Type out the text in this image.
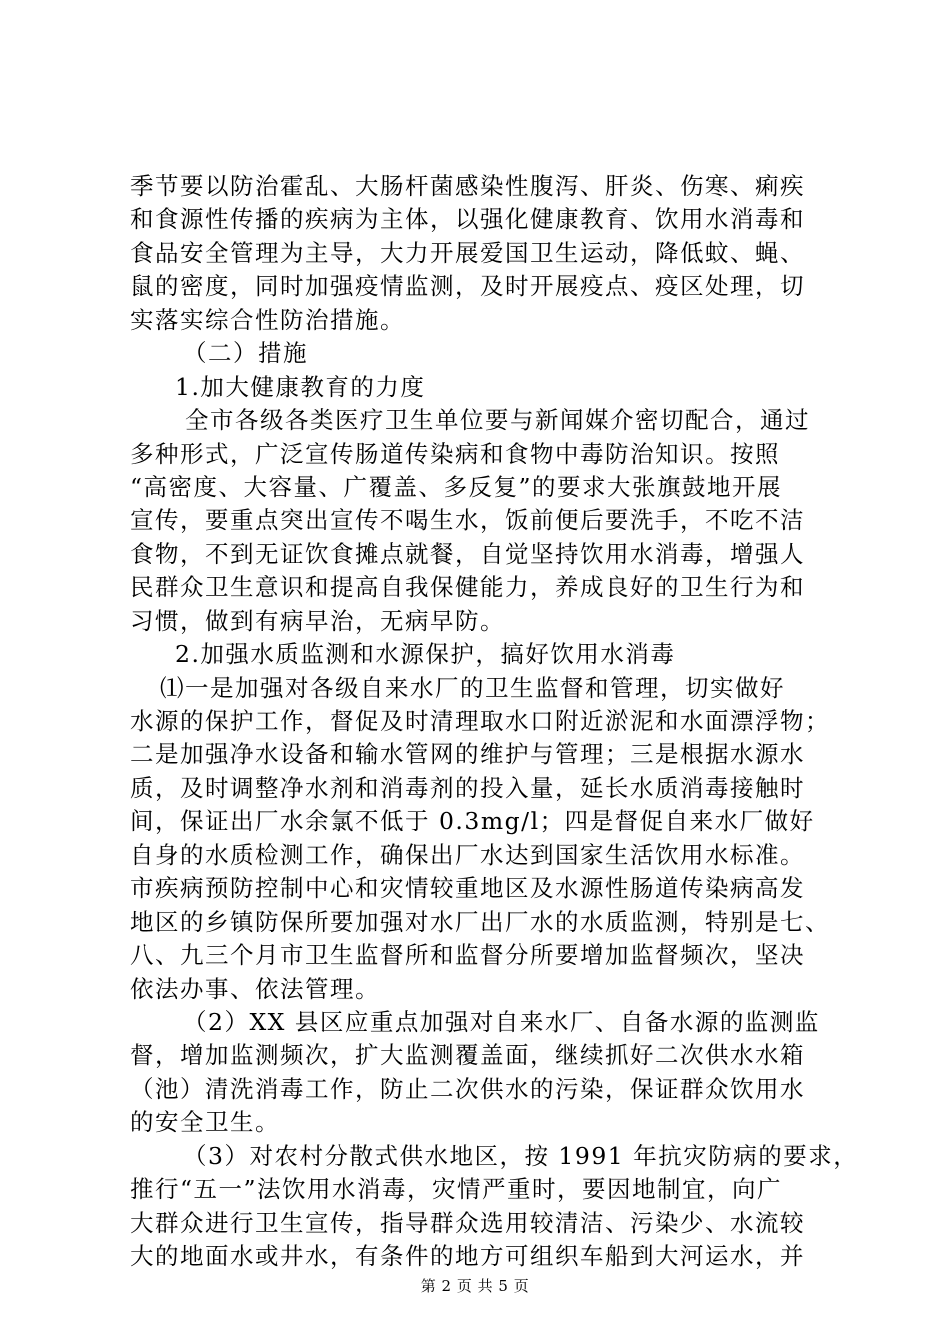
季节要以防治霍乱、大肠杆菌感染性腹泻、肝炎、伤寒、痢疾
和食源性传播的疾病为主体，以强化健康教育、饮用水消毒和
食品安全管理为主导，大力开展爱国卫生运动，降低蚊、蝇、
鼠的密度，同时加强疫情监测，及时开展疫点、疫区处理，切
实落实综合性防治措施。
（二）措施
1.加大健康教育的力度
全市各级各类医疗卫生单位要与新闻媒介密切配合，通过
多种形式，广泛宣传肠道传染病和食物中毒防治知识。按照
“高密度、大容量、广覆盖、多反复”的要求大张旗鼓地开展
宣传，要重点突出宣传不喝生水，饭前便后要洗手，不吃不洁
食物，不到无证饮食摊点就餐，自觉坚持饮用水消毒，增强人
民群众卫生意识和提高自我保健能力，养成良好的卫生行为和
习惯，做到有病早治，无病早防。
2.加强水质监测和水源保护，搞好饮用水消毒
⑴一是加强对各级自来水厂的卫生监督和管理，切实做好
水源的保护工作，督促及时清理取水口附近淤泥和水面漂浮物；
二是加强净水设备和输水管网的维护与管理；三是根据水源水
质，及时调整净水剂和消毒剂的投入量，延长水质消毒接触时
间，保证出厂水余氯不低于 0.3mg/l；四是督促自来水厂做好
自身的水质检测工作，确保出厂水达到国家生活饮用水标准。
市疾病预防控制中心和灾情较重地区及水源性肠道传染病高发
地区的乡镇防保所要加强对水厂出厂水的水质监测，特别是七、
八、九三个月市卫生监督所和监督分所要增加监督频次，坚决
依法办事、依法管理。
（2）XX 县区应重点加强对自来水厂、自备水源的监测监
督，增加监测频次，扩大监测覆盖面，继续抓好二次供水水箱
（池）清洗消毒工作，防止二次供水的污染，保证群众饮用水
的安全卫生。
（3）对农村分散式供水地区，按 1991 年抗灾防病的要求，
推行“五一”法饮用水消毒，灾情严重时，要因地制宜，向广
大群众进行卫生宣传，指导群众选用较清洁、污染少、水流较
大的地面水或井水，有条件的地方可组织车船到大河运水，并
第 2 页 共 5 页
